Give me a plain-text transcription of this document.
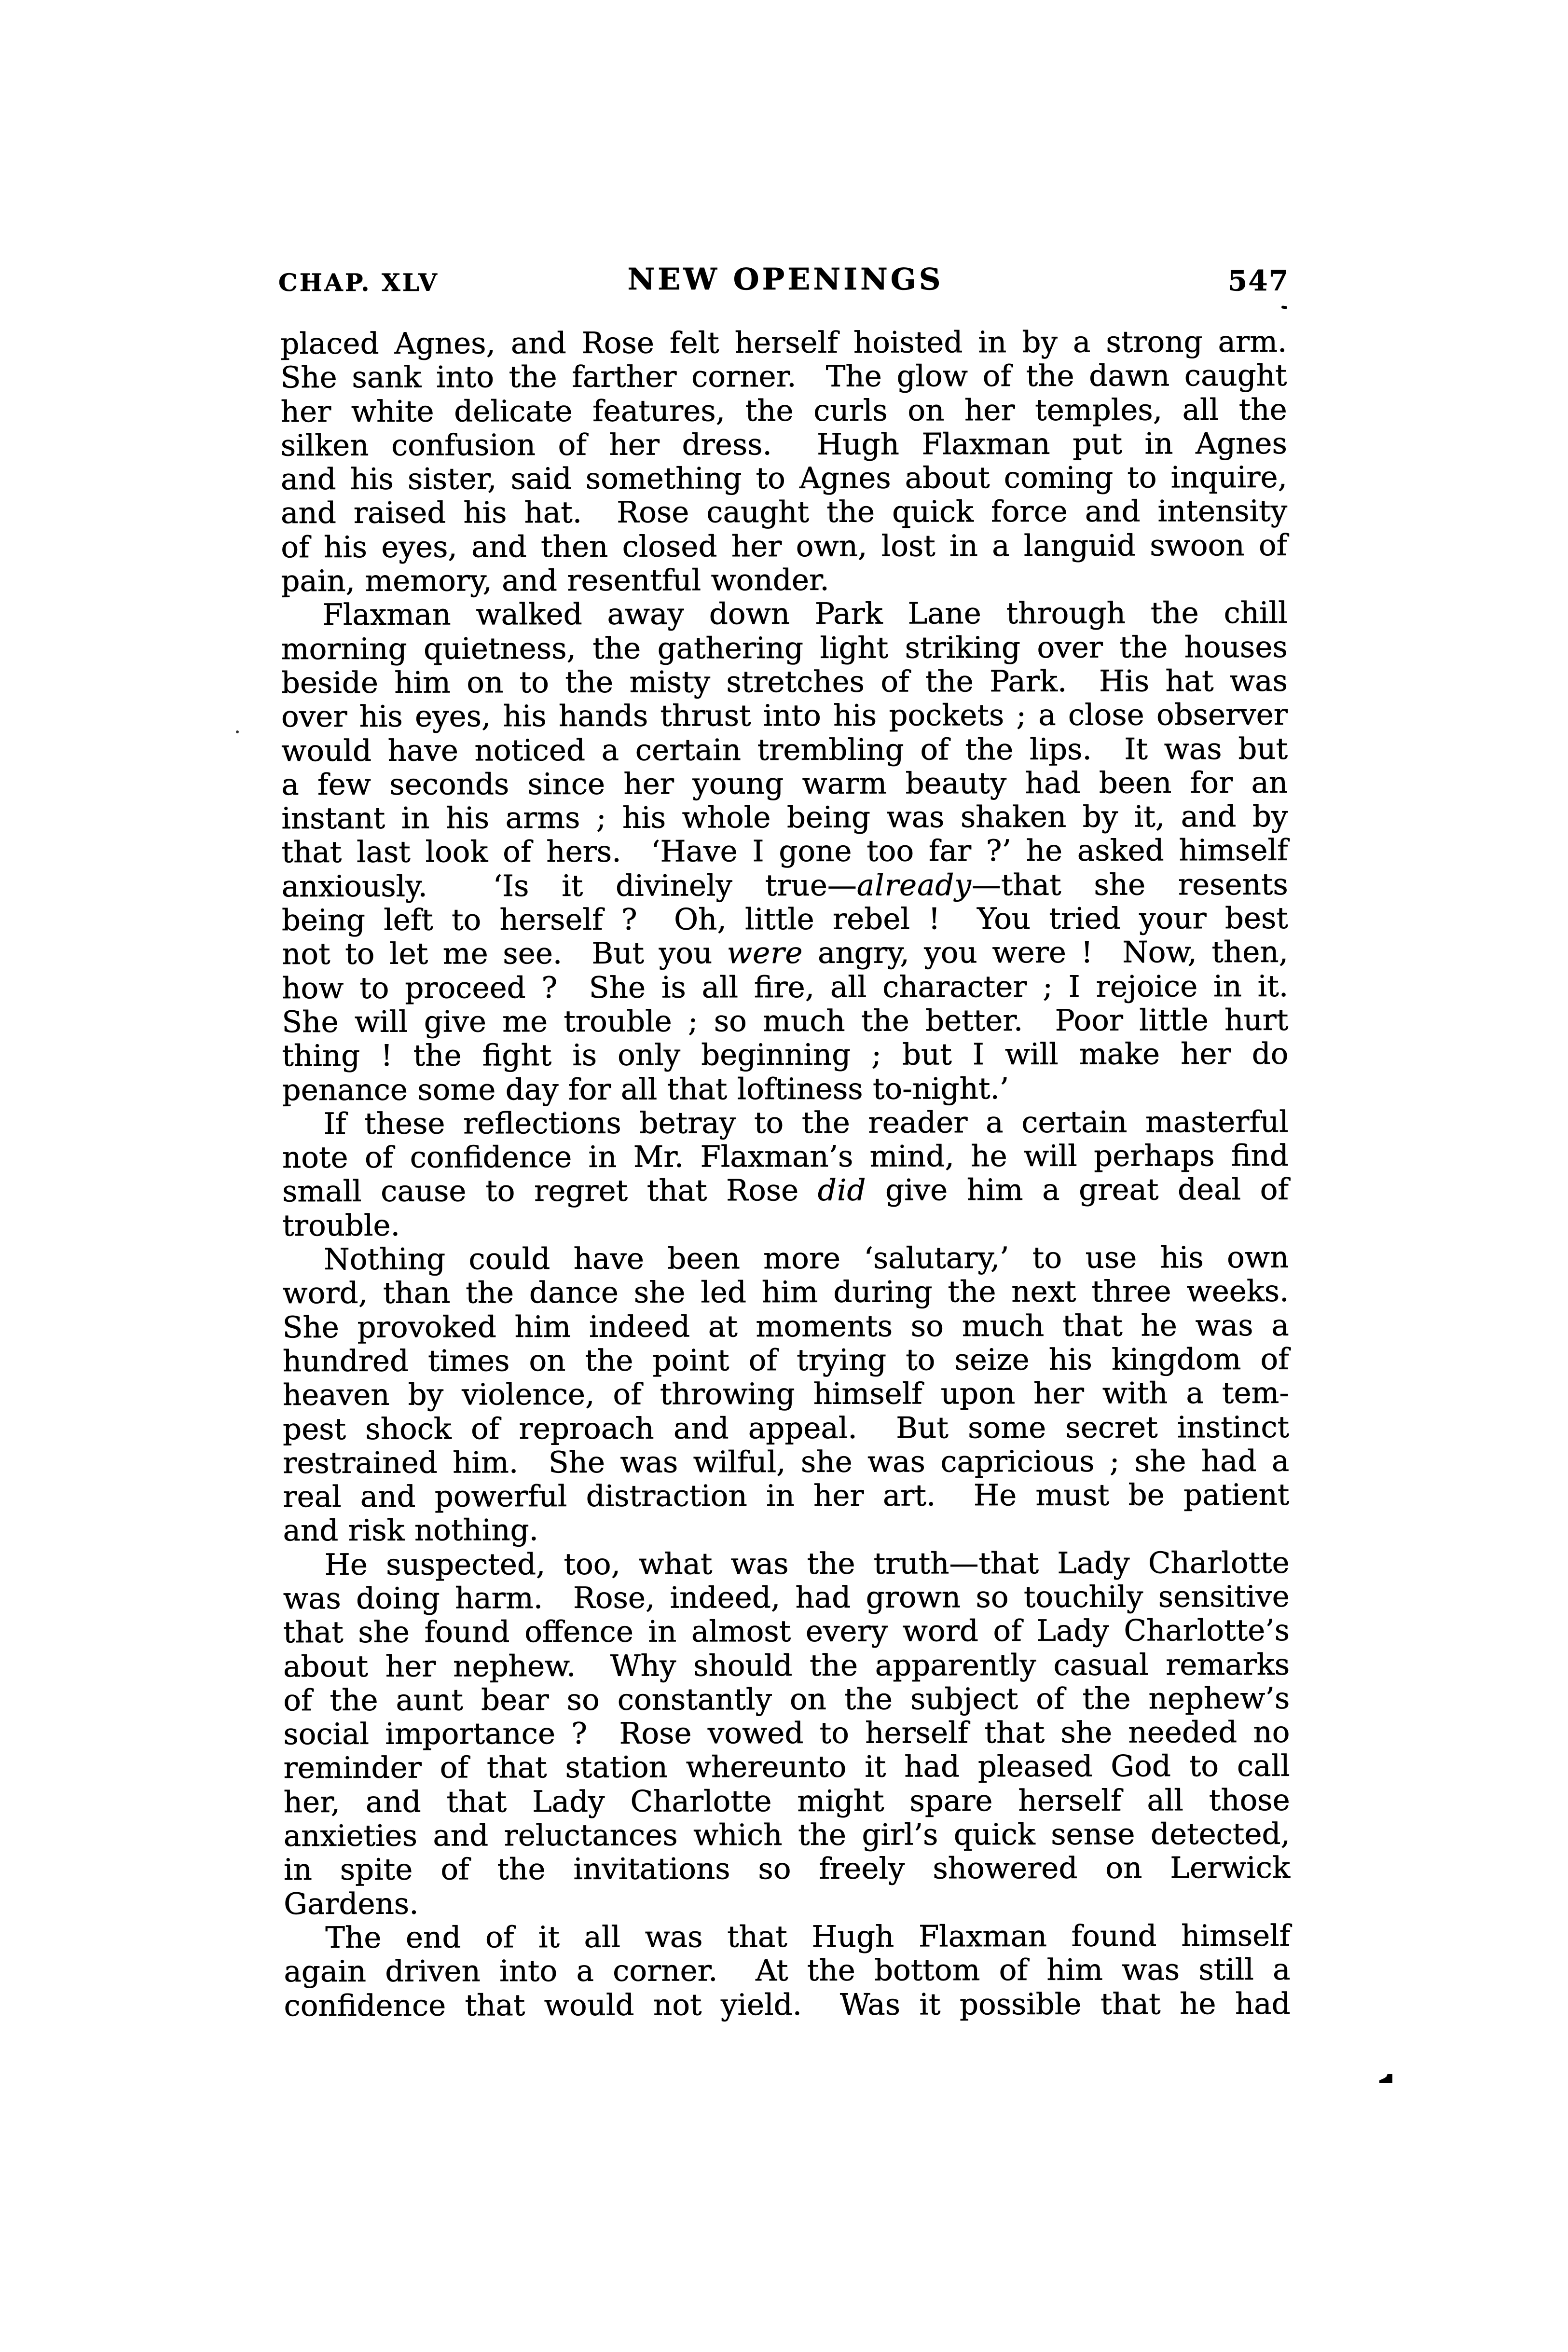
CHAP. XLV	NEW OPENINGS	547
placed Agnes, and Rose felt herself hoisted in by a strong arm.
She sank into the farther corner.  The glow of the dawn caught
her white delicate features, the curls on her temples, all the
silken confusion of her dress.  Hugh Flaxman put in Agnes
and his sister, said something to Agnes about coming to inquire,
and raised his hat.  Rose caught the quick force and intensity
of his eyes, and then closed her own, lost in a languid swoon of
pain, memory, and resentful wonder.
Flaxman walked away down Park Lane through the chill
morning quietness, the gathering light striking over the houses
beside him on to the misty stretches of the Park.  His hat was
over his eyes, his hands thrust into his pockets ; a close observer
would have noticed a certain trembling of the lips.  It was but
a few seconds since her young warm beauty had been for an
instant in his arms ; his whole being was shaken by it, and by
that last look of hers.  ‘Have I gone too far ?’ he asked himself
anxiously.  ‘Is it divinely true—already—that she resents
being left to herself ?  Oh, little rebel !  You tried your best
not to let me see.  But you were angry, you were !  Now, then,
how to proceed ?  She is all fire, all character ; I rejoice in it.
She will give me trouble ; so much the better.  Poor little hurt
thing ! the fight is only beginning ; but I will make her do
penance some day for all that loftiness to-night.’
If these reflections betray to the reader a certain masterful
note of confidence in Mr. Flaxman’s mind, he will perhaps find
small cause to regret that Rose did give him a great deal of
trouble.
Nothing could have been more ‘salutary,’ to use his own
word, than the dance she led him during the next three weeks.
She provoked him indeed at moments so much that he was a
hundred times on the point of trying to seize his kingdom of
heaven by violence, of throwing himself upon her with a tem-
pest shock of reproach and appeal.  But some secret instinct
restrained him.  She was wilful, she was capricious ; she had a
real and powerful distraction in her art.  He must be patient
and risk nothing.
He suspected, too, what was the truth—that Lady Charlotte
was doing harm.  Rose, indeed, had grown so touchily sensitive
that she found offence in almost every word of Lady Charlotte’s
about her nephew.  Why should the apparently casual remarks
of the aunt bear so constantly on the subject of the nephew’s
social importance ?  Rose vowed to herself that she needed no
reminder of that station whereunto it had pleased God to call
her, and that Lady Charlotte might spare herself all those
anxieties and reluctances which the girl’s quick sense detected,
in spite of the invitations so freely showered on Lerwick
Gardens.
The end of it all was that Hugh Flaxman found himself
again driven into a corner.  At the bottom of him was still a
confidence that would not yield.  Was it possible that he had
